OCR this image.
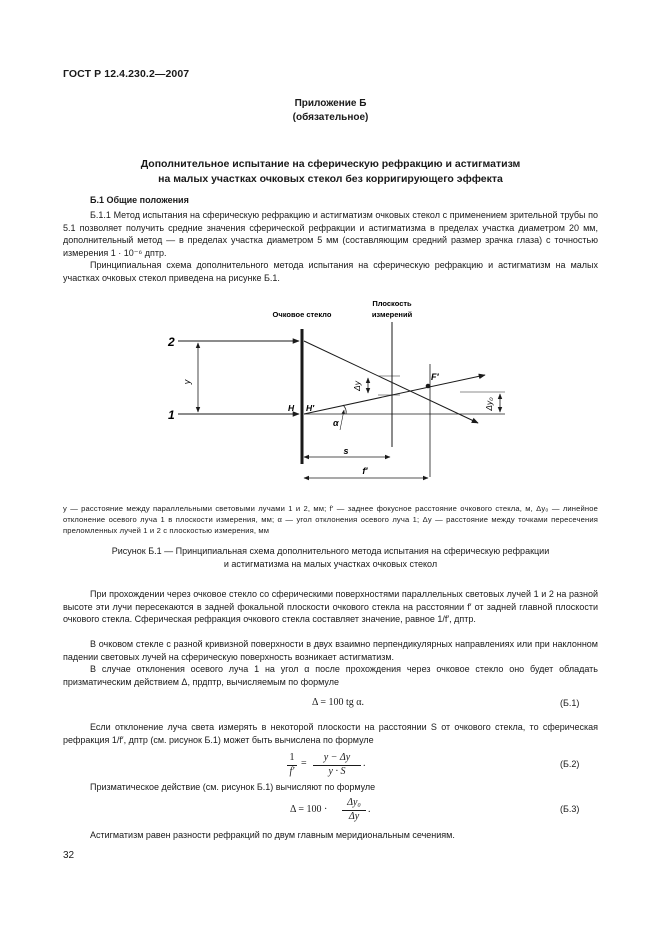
ГОСТ Р 12.4.230.2—2007
Приложение Б
(обязательное)
Дополнительное испытание на сферическую рефракцию и астигматизм
на малых участках очковых стекол без корригирующего эффекта
Б.1 Общие положения
Б.1.1 Метод испытания на сферическую рефракцию и астигматизм очковых стекол с применением зрительной трубы по 5.1 позволяет получить средние значения сферической рефракции и астигматизма в пределах участка диаметром 20 мм, дополнительный метод — в пределах участка диаметром 5 мм (составляющим средний размер зрачка глаза) с точностью измерения 1 · 10⁻⁶ дптр.
Принципиальная схема дополнительного метода испытания на сферическую рефракцию и астигматизм на малых участках очковых стекол приведена на рисунке Б.1.
Очковое стекло
Плоскость
измерений
y	Δy
Δy₀
2
1
F′
H H′
α
s
f′
y — расстояние между параллельными световыми лучами 1 и 2, мм; f′ — заднее фокусное расстояние очкового стекла, м, Δy₀ — линейное отклонение осевого луча 1 в плоскости измерения, мм; α — угол отклонения осевого луча 1; Δy — расстояние между точками пересечения преломленных лучей 1 и 2 с плоскостью измерения, мм
Рисунок Б.1 — Принципиальная схема дополнительного метода испытания на сферическую рефракции
и астигматизма на малых участках очковых стекол
При прохождении через очковое стекло со сферическими поверхностями параллельных световых лучей 1 и 2 на разной высоте эти лучи пересекаются в задней фокальной плоскости очкового стекла на расстоянии f′ от задней главной плоскости очкового стекла. Сферическая рефракция очкового стекла составляет значение, равное 1/f′, дптр.
В очковом стекле с разной кривизной поверхности в двух взаимно перпендикулярных направлениях или при наклонном падении световых лучей на сферическую поверхность возникает астигматизм.
В случае отклонения осевого луча 1 на угол α после прохождения через очковое стекло оно будет обладать призматическим действием Δ, прдптр, вычисляемым по формуле
Δ = 100 tg α.	(Б.1)
Если отклонение луча света измерять в некоторой плоскости на расстоянии S от очкового стекла, то сферическая рефракция 1/f′, дптр (см. рисунок Б.1) может быть вычислена по формуле
1
f′
=
y − Δy
y · S
.	(Б.2)
Призматическое действие (см. рисунок Б.1) вычисляют по формуле
Δ = 100 ·
Δy₀
Δy
.	(Б.3)
Астигматизм равен разности рефракций по двум главным меридиональным сечениям.
32
